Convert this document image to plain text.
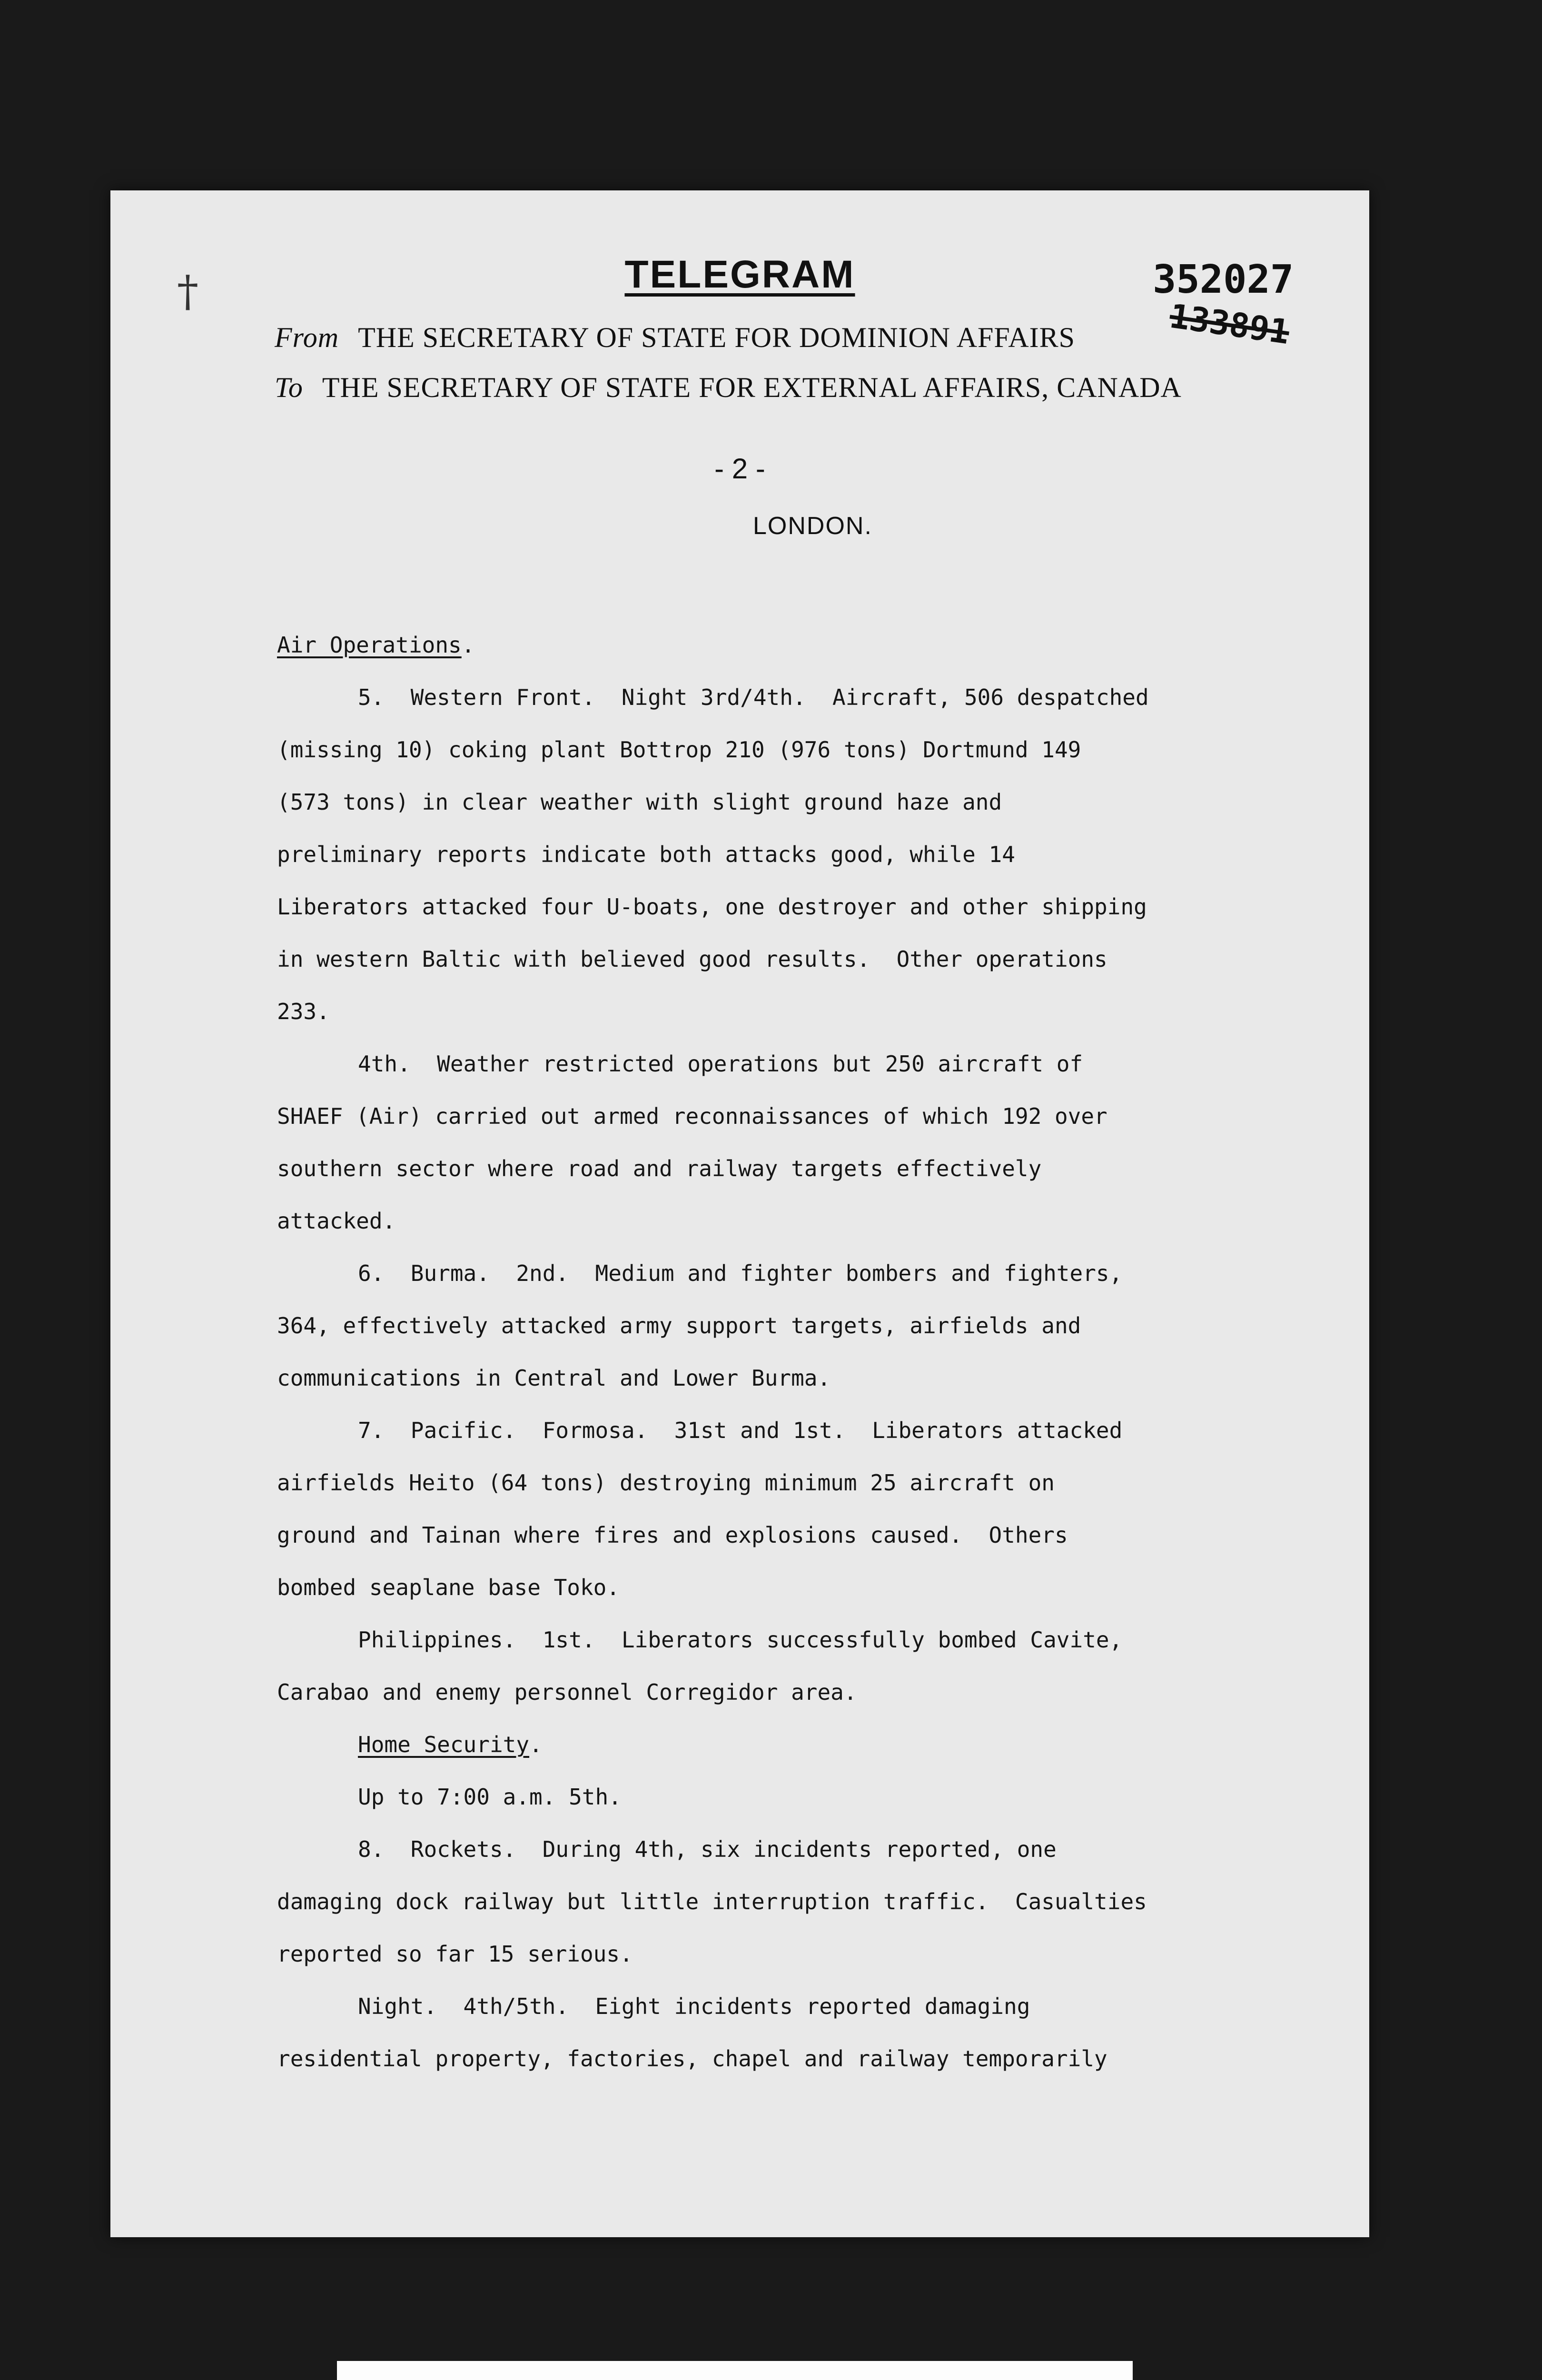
†	TELEGRAM	352027
133891
From THE SECRETARY OF STATE FOR DOMINION AFFAIRS
To THE SECRETARY OF STATE FOR EXTERNAL AFFAIRS, CANADA
- 2 -
LONDON.
Air Operations.
5.  Western Front.  Night 3rd/4th.  Aircraft, 506 despatched
(missing 10) coking plant Bottrop 210 (976 tons) Dortmund 149
(573 tons) in clear weather with slight ground haze and
preliminary reports indicate both attacks good, while 14
Liberators attacked four U-boats, one destroyer and other shipping
in western Baltic with believed good results.  Other operations
233.
4th.  Weather restricted operations but 250 aircraft of
SHAEF (Air) carried out armed reconnaissances of which 192 over
southern sector where road and railway targets effectively
attacked.
6.  Burma.  2nd.  Medium and fighter bombers and fighters,
364, effectively attacked army support targets, airfields and
communications in Central and Lower Burma.
7.  Pacific.  Formosa.  31st and 1st.  Liberators attacked
airfields Heito (64 tons) destroying minimum 25 aircraft on
ground and Tainan where fires and explosions caused.  Others
bombed seaplane base Toko.
Philippines.  1st.  Liberators successfully bombed Cavite,
Carabao and enemy personnel Corregidor area.
Home Security.
Up to 7:00 a.m. 5th.
8.  Rockets.  During 4th, six incidents reported, one
damaging dock railway but little interruption traffic.  Casualties
reported so far 15 serious.
Night.  4th/5th.  Eight incidents reported damaging
residential property, factories, chapel and railway temporarily
